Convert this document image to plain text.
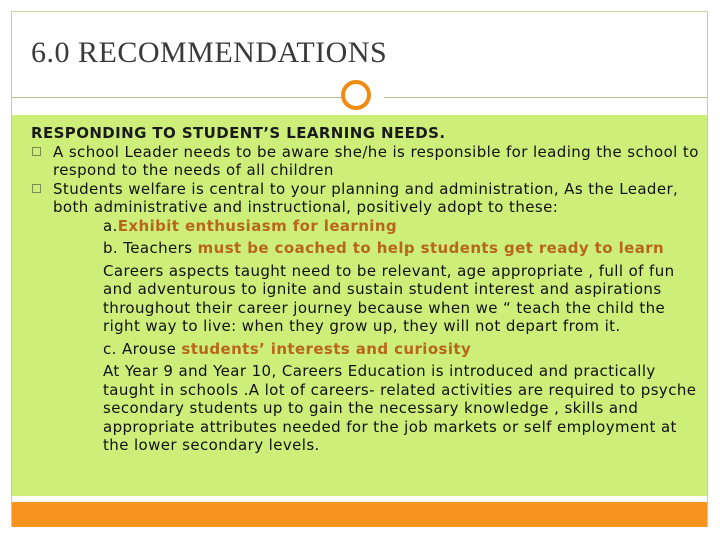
6.0 RECOMMENDATIONS
RESPONDING TO STUDENT’S LEARNING NEEDS.
A school Leader needs to be aware she/he is responsible for leading the school to respond to the needs of all children
Students welfare is central to your planning and administration, As the Leader, both administrative and instructional, positively adopt to these:
a.Exhibit enthusiasm for learning
b. Teachers must be coached to help students get ready to learn
Careers aspects taught need to be relevant, age appropriate , full of fun and adventurous to ignite and sustain student interest and aspirations throughout their career journey because when we “ teach the child the right way to live: when they grow up, they will not depart from it.
c. Arouse students’ interests and curiosity
At Year 9 and Year 10, Careers Education is introduced and practically taught in schools .A lot of careers- related activities are required to psyche secondary students up to gain the necessary knowledge , skills and appropriate attributes needed for the job markets or self employment at the lower secondary levels.
